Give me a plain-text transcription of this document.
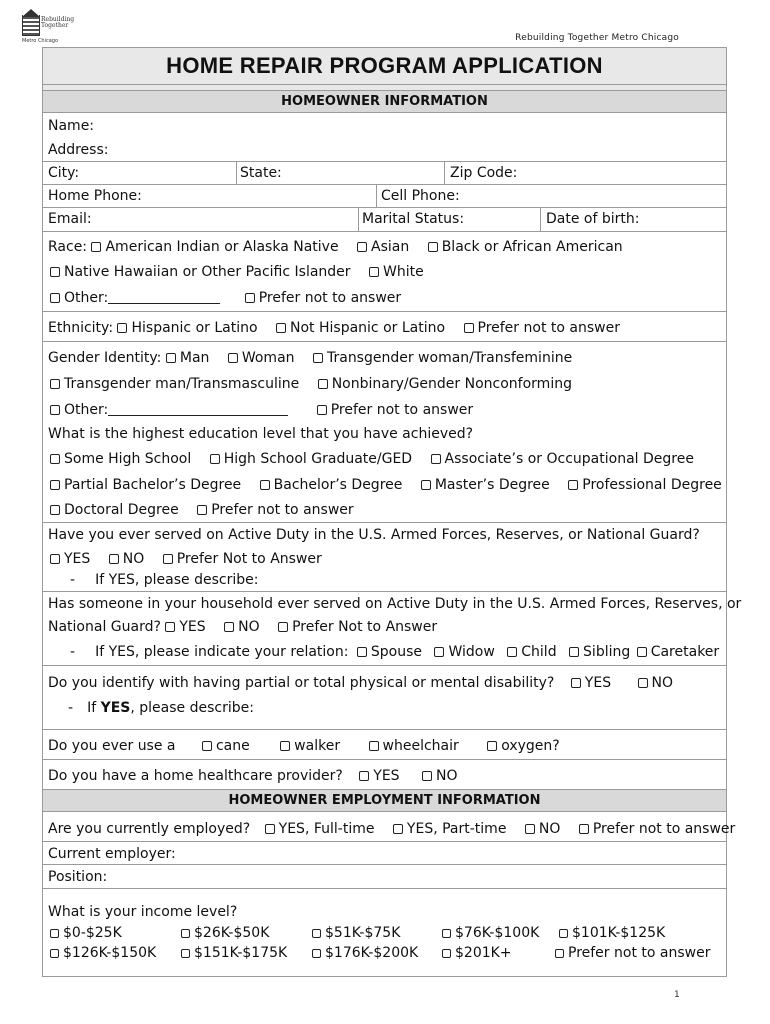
Rebuilding Together
Metro Chicago	Rebuilding Together Metro Chicago
HOME REPAIR PROGRAM APPLICATION
HOMEOWNER INFORMATION
Name:
Address:
City:	State:	Zip Code:
Home Phone:	Cell Phone:
Email:	Marital Status:	Date of birth:
Race: American Indian or Alaska Native Asian Black or African American
Native Hawaiian or Other Pacific Islander White
Other:	Prefer not to answer
Ethnicity: Hispanic or Latino Not Hispanic or Latino Prefer not to answer
Gender Identity: Man Woman Transgender woman/Transfeminine
Transgender man/Transmasculine Nonbinary/Gender Nonconforming
Other:	Prefer not to answer
What is the highest education level that you have achieved?
Some High School High School Graduate/GED Associate’s or Occupational Degree
Partial Bachelor’s Degree Bachelor’s Degree Master’s Degree Professional Degree
Doctoral Degree Prefer not to answer
Have you ever served on Active Duty in the U.S. Armed Forces, Reserves, or National Guard?
YES NO Prefer Not to Answer
- If YES, please describe:
Has someone in your household ever served on Active Duty in the U.S. Armed Forces, Reserves, or
National Guard? YES NO Prefer Not to Answer
- If YES, please indicate your relation: Spouse Widow Child Sibling Caretaker
Do you identify with having partial or total physical or mental disability? YES	NO
- If YES, please describe:
Do you ever use a	cane	walker	wheelchair	oxygen?
Do you have a home healthcare provider? YES	NO
HOMEOWNER EMPLOYMENT INFORMATION
Are you currently employed? YES, Full-time YES, Part-time NO Prefer not to answer
Current employer:
Position:
What is your income level?
$0-$25K	$26K-$50K	$51K-$75K	$76K-$100K	$101K-$125K
$126K-$150K	$151K-$175K	$176K-$200K	$201K+	Prefer not to answer
1
